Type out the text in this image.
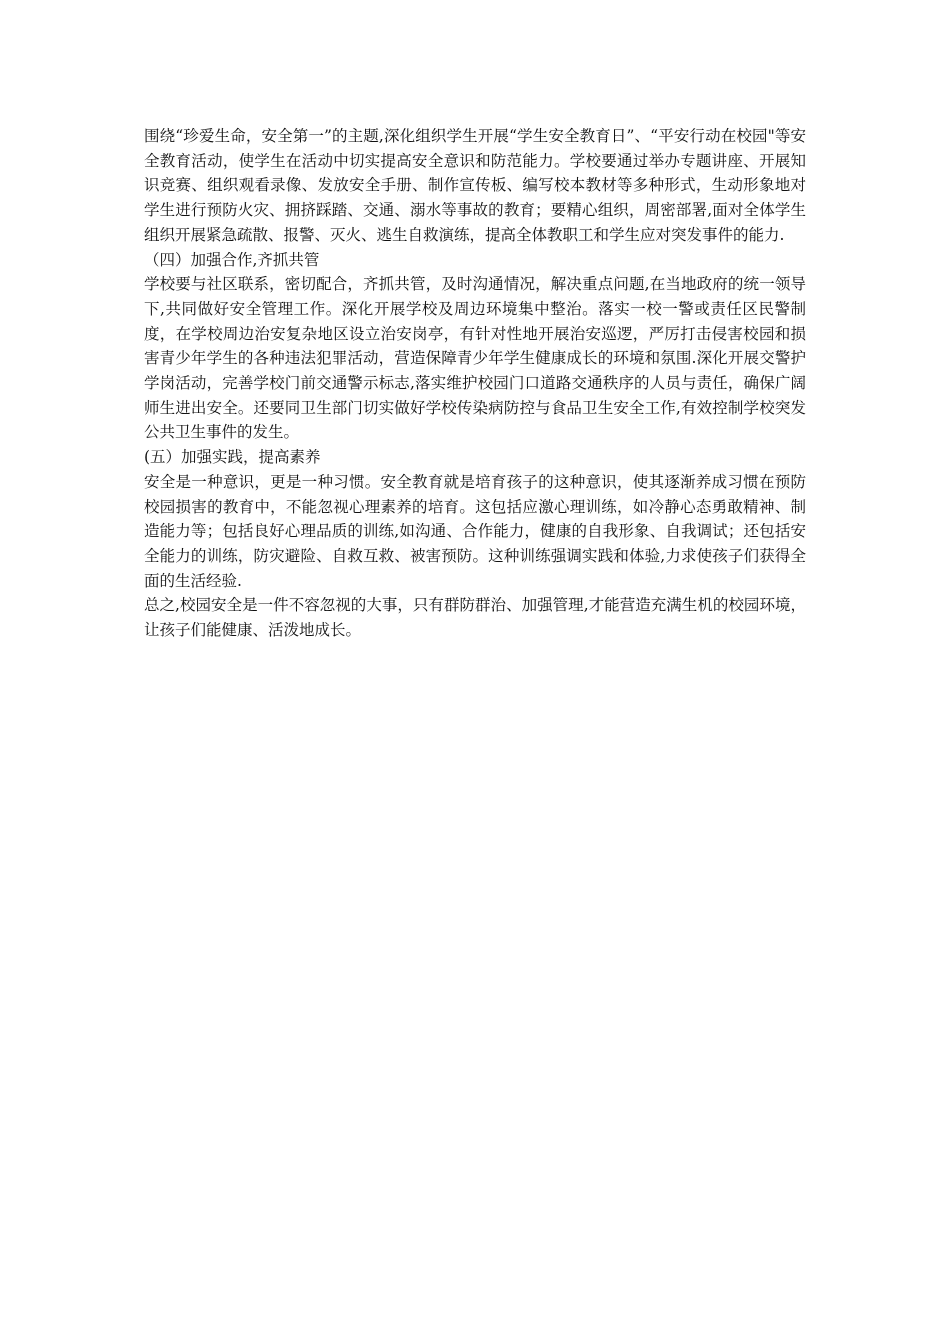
围绕“珍爱生命，安全第一”的主题,深化组织学生开展“学生安全教育日”、“平安行动在校园"等安全教育活动，使学生在活动中切实提高安全意识和防范能力。学校要通过举办专题讲座、开展知识竞赛、组织观看录像、发放安全手册、制作宣传板、编写校本教材等多种形式，生动形象地对学生进行预防火灾、拥挤踩踏、交通、溺水等事故的教育；要精心组织，周密部署,面对全体学生组织开展紧急疏散、报警、灭火、逃生自救演练，提高全体教职工和学生应对突发事件的能力.

（四）加强合作,齐抓共管

学校要与社区联系，密切配合，齐抓共管，及时沟通情况，解决重点问题,在当地政府的统一领导下,共同做好安全管理工作。深化开展学校及周边环境集中整治。落实一校一警或责任区民警制度，在学校周边治安复杂地区设立治安岗亭，有针对性地开展治安巡逻，严厉打击侵害校园和损害青少年学生的各种违法犯罪活动，营造保障青少年学生健康成长的环境和氛围.深化开展交警护学岗活动，完善学校门前交通警示标志,落实维护校园门口道路交通秩序的人员与责任，确保广阔师生进出安全。还要同卫生部门切实做好学校传染病防控与食品卫生安全工作,有效控制学校突发公共卫生事件的发生。

(五）加强实践，提高素养

安全是一种意识，更是一种习惯。安全教育就是培育孩子的这种意识，使其逐渐养成习惯在预防校园损害的教育中，不能忽视心理素养的培育。这包括应激心理训练，如冷静心态勇敢精神、制造能力等；包括良好心理品质的训练,如沟通、合作能力，健康的自我形象、自我调试；还包括安全能力的训练，防灾避险、自救互救、被害预防。这种训练强调实践和体验,力求使孩子们获得全面的生活经验.

总之,校园安全是一件不容忽视的大事，只有群防群治、加强管理,才能营造充满生机的校园环境，让孩子们能健康、活泼地成长。
